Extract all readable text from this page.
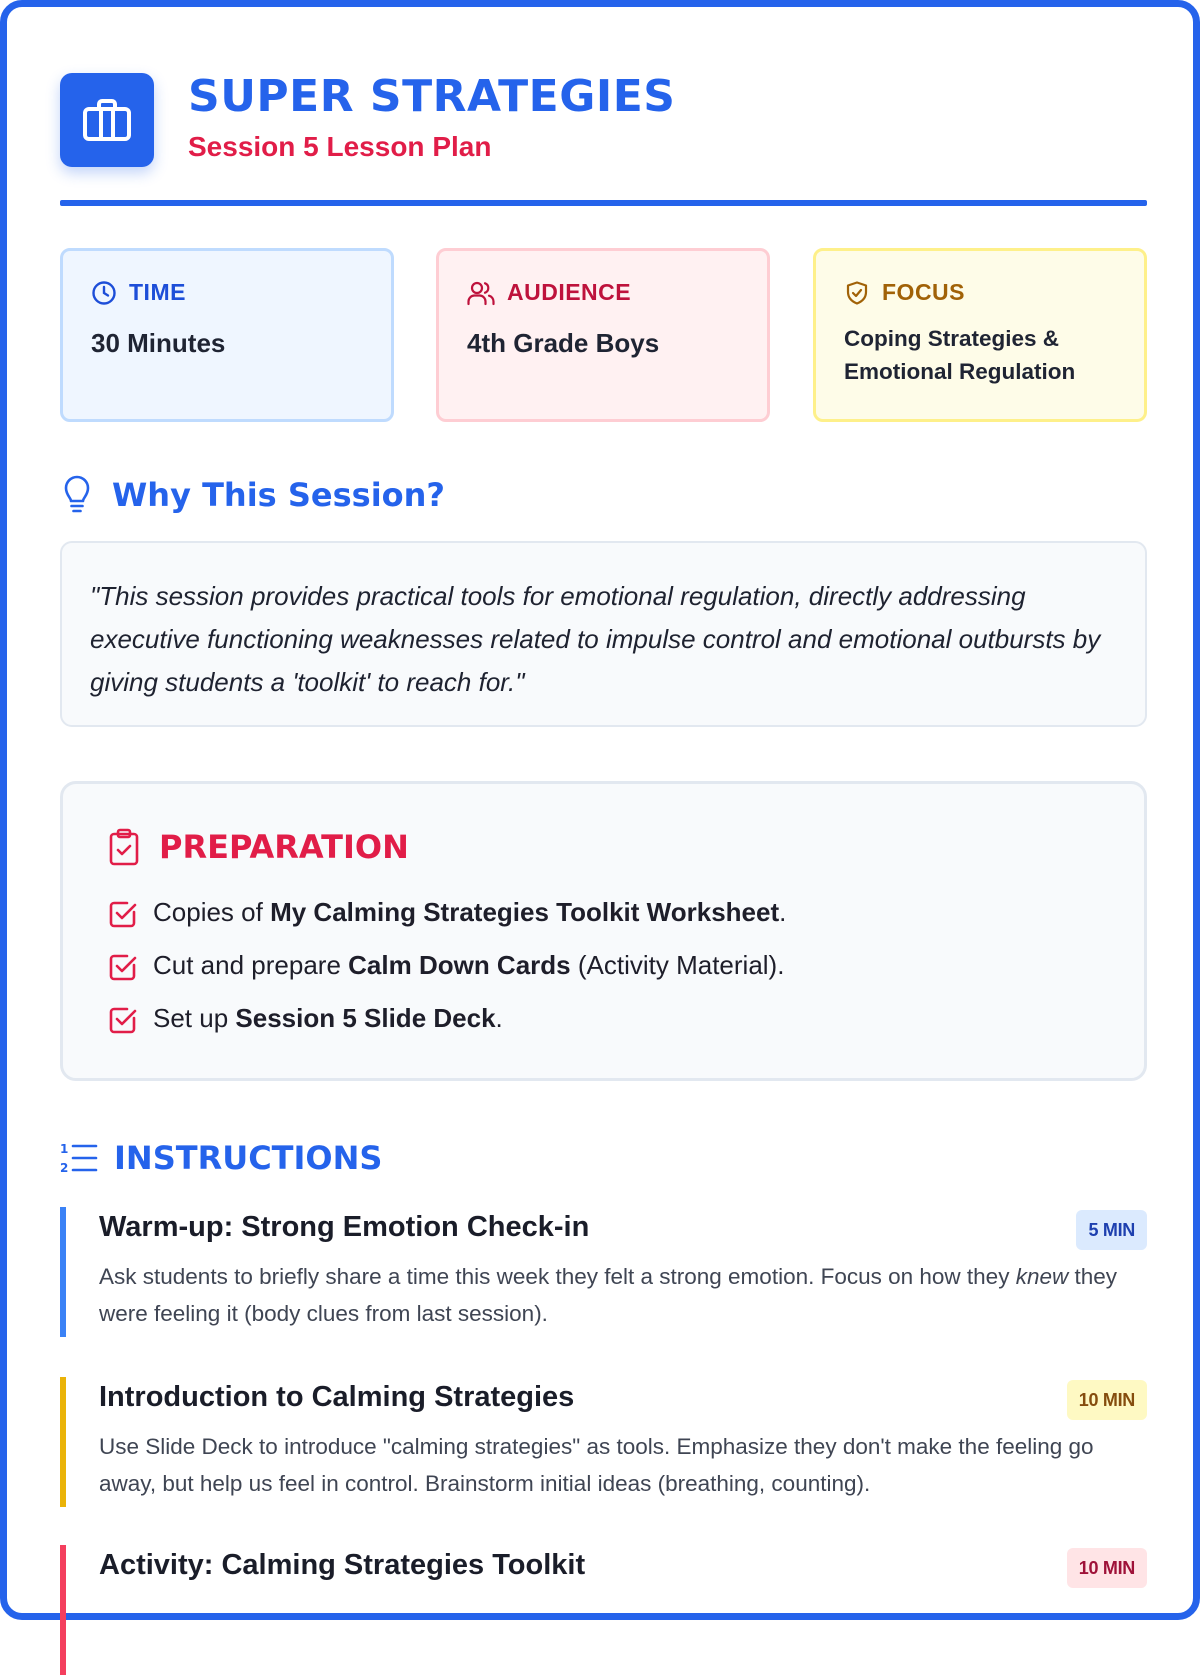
SUPER STRATEGIES
Session 5 Lesson Plan
TIME
30 Minutes
AUDIENCE
4th Grade Boys
FOCUS
Coping Strategies &
Emotional Regulation
Why This Session?

"This session provides practical tools for emotional regulation, directly addressing executive functioning weaknesses related to impulse control and emotional outbursts by giving students a 'toolkit' to reach for."

PREPARATION
Copies of My Calming Strategies Toolkit Worksheet.
Cut and prepare Calm Down Cards (Activity Material).
Set up Session 5 Slide Deck.
1
2 INSTRUCTIONS
Warm-up: Strong Emotion Check-in	5 MIN

Ask students to briefly share a time this week they felt a strong emotion. Focus on how they knew they were feeling it (body clues from last session).

Introduction to Calming Strategies	10 MIN

Use Slide Deck to introduce "calming strategies" as tools. Emphasize they don't make the feeling go away, but help us feel in control. Brainstorm initial ideas (breathing, counting).

Activity: Calming Strategies Toolkit	10 MIN
